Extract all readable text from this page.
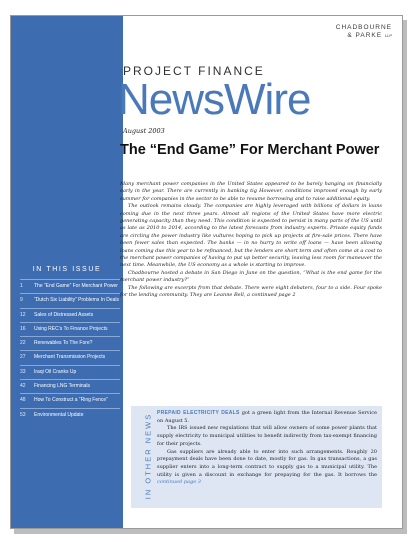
IN THIS ISSUE
1	The “End Game” For Merchant Power
9	“Dutch Six Liability” Problems In Deals
12	Sales of Distressed Assets
16	Using REC’s To Finance Projects
22	Renewables To The Fore?
27	Merchant Transmission Projects
33	Iraqi Oil Cranks Up
42	Financing LNG Terminals
48	How To Construct a “Ring Fence”
53	Environmental Update
CHADBOURNE
& PARKE LLP
PROJECT FINANCE
NewsWire
August 2003
The “End Game” For Merchant Power

Many merchant power companies in the United States appeared to be barely hanging on financially early in the year. There are currently in banking tig However, conditions improved enough by early summer for companies in the sector to be able to resume borrowing and to raise additional equity.

The outlook remains cloudy. The companies are highly leveraged with billions of dollars in loans coming due in the next three years. Almost all regions of the United States have more electric generating capacity than they need. This condition is expected to persist in many parts of the US until as late as 2010 to 2014, according to the latest forecasts from industry experts. Private equity funds are circling the power industry like vultures hoping to pick up projects at fire-sale prices. There have been fewer sales than expected. The banks — in no hurry to write off loans — have been allowing loans coming due this year to be refinanced, but the lenders are short term and often come at a cost to the merchant power companies of having to put up better security, leaving less room for maneuver the next time. Meanwhile, the US economy as a whole is starting to improve.

Chadbourne hosted a debate in San Diego in June on the question, “What is the end game for the merchant power industry?”

The following are excerpts from that debate. There were eight debaters, four to a side. Four spoke for the lending community. They are Leanne Bell, a continued page 2

IN OTHER NEWS PREPAID ELECTRICITY DEALS got a green light from the Internal Revenue Service on August 5.

The IRS issued new regulations that will allow owners of some power plants that supply electricity to municipal utilities to benefit indirectly from tax-exempt financing for their projects.

Gas suppliers are already able to enter into such arrangements. Roughly 20 prepayment deals have been done to date, mostly for gas. In gas transactions, a gas supplier enters into a long-term contract to supply gas to a municipal utility. The utility is given a discount in exchange for prepaying for the gas. It borrows the continued page 3
